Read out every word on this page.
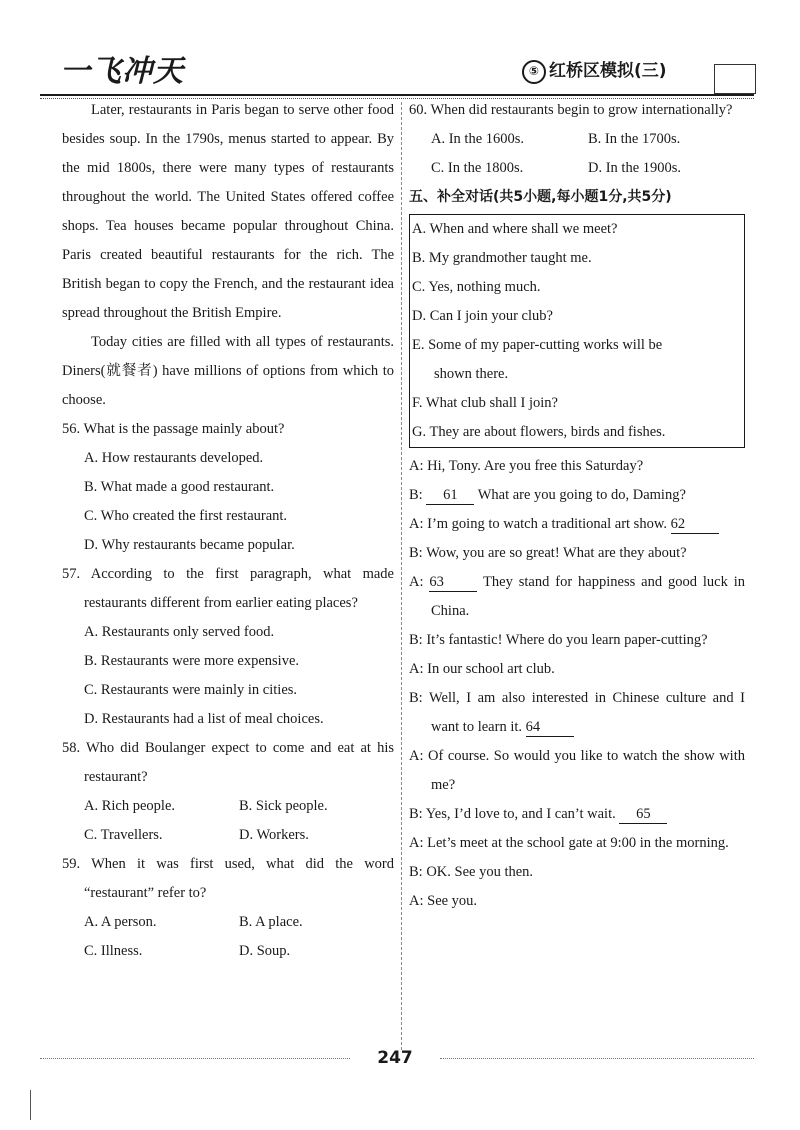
一飞冲天	⑤ 红桥区模拟(三)

Later, restaurants in Paris began to serve other food besides soup. In the 1790s, menus started to appear. By the mid 1800s, there were many types of restaurants throughout the world. The United States offered coffee shops. Tea houses became popular throughout China. Paris created beautiful restaurants for the rich. The British began to copy the French, and the restaurant idea spread throughout the British Empire.

Today cities are filled with all types of restaurants. Diners(就餐者) have millions of options from which to choose.

56. What is the passage mainly about?

A. How restaurants developed.

B. What made a good restaurant.

C. Who created the first restaurant.

D. Why restaurants became popular.

57. According to the first paragraph, what made restaurants different from earlier eating places?

A. Restaurants only served food.

B. Restaurants were more expensive.

C. Restaurants were mainly in cities.

D. Restaurants had a list of meal choices.

58. Who did Boulanger expect to come and eat at his restaurant?

A. Rich people.	B. Sick people.
C. Travellers.	D. Workers.

59. When it was first used, what did the word “restaurant” refer to?

A. A person.	B. A place.
C. Illness.	D. Soup.

60. When did restaurants begin to grow internationally?

A. In the 1600s.	B. In the 1700s.
C. In the 1800s.	D. In the 1900s.

五、补全对话(共5小题,每小题1分,共5分)

A. When and where shall we meet?

B. My grandmother taught me.

C. Yes, nothing much.

D. Can I join your club?

E. Some of my paper-cutting works will be

shown there.

F. What club shall I join?

G. They are about flowers, birds and fishes.

A: Hi, Tony. Are you free this Saturday?

B: 61 What are you going to do, Daming?

A: I’m going to watch a traditional art show. 62

B: Wow, you are so great! What are they about?

A: 63	They stand for happiness and good luck in China.

B: It’s fantastic! Where do you learn paper-cutting?

A: In our school art club.

B: Well, I am also interested in Chinese culture and I want to learn it. 64

A: Of course. So would you like to watch the show with me?

B: Yes, I’d love to, and I can’t wait. 65

A: Let’s meet at the school gate at 9:00 in the morning.

B: OK. See you then.

A: See you.

247
